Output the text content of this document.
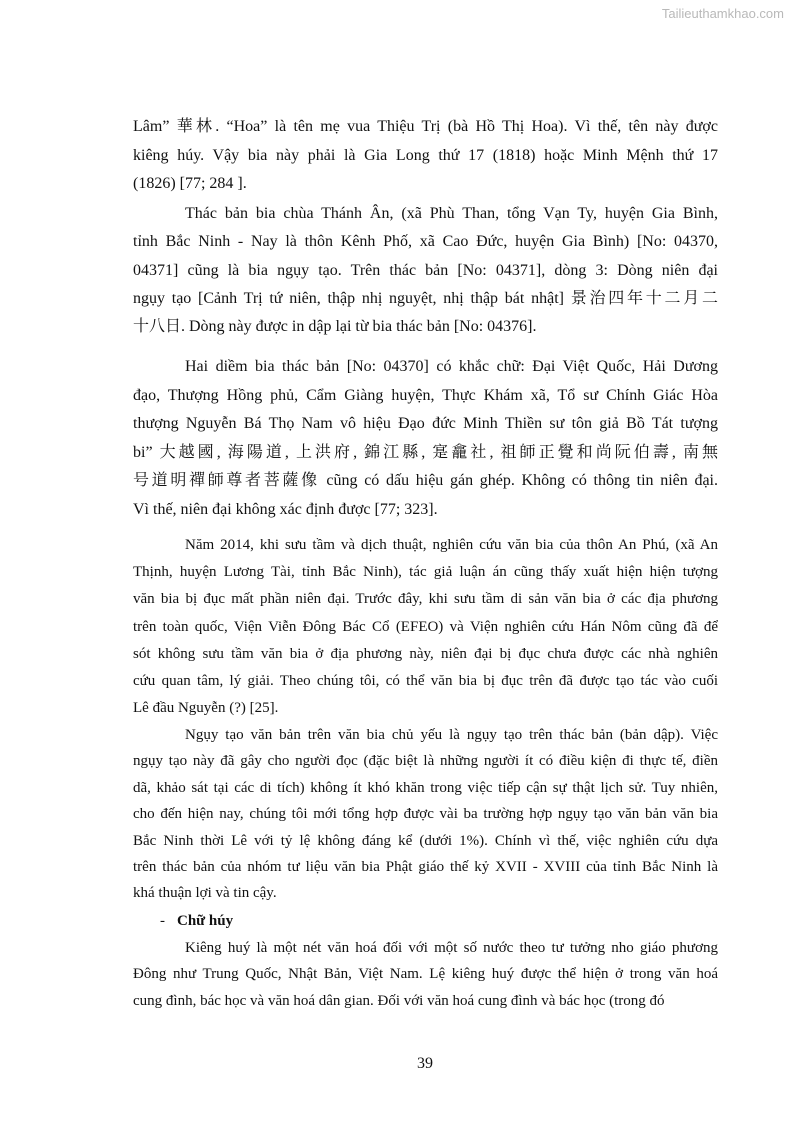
Tailieuthamkhao.com
Lâm” 華林. “Hoa” là tên mẹ vua Thiệu Trị (bà Hồ Thị Hoa). Vì thế, tên này được
kiêng húy. Vậy bia này phải là Gia Long thứ 17 (1818) hoặc Minh Mệnh thứ 17
(1826) [77; 284 ].
Thác bản bia chùa Thánh Ân, (xã Phù Than, tổng Vạn Ty, huyện Gia Bình,
tỉnh Bắc Ninh - Nay là thôn Kênh Phố, xã Cao Đức, huyện Gia Bình) [No: 04370,
04371] cũng là bia ngụy tạo. Trên thác bản [No: 04371], dòng 3: Dòng niên đại
ngụy tạo [Cảnh Trị tứ niên, thập nhị nguyệt, nhị thập bát nhật] 景治四年十二月二
十八日. Dòng này được in dập lại từ bia thác bản [No: 04376].
Hai diềm bia thác bản [No: 04370] có khắc chữ: Đại Việt Quốc, Hải Dương
đạo, Thượng Hồng phủ, Cẩm Giàng huyện, Thực Khám xã, Tổ sư Chính Giác Hòa
thượng Nguyễn Bá Thọ Nam vô hiệu Đạo đức Minh Thiền sư tôn giả Bồ Tát tượng
bi” 大越國, 海陽道, 上洪府, 錦江縣, 寔龕社, 祖師正覺和尚阮伯壽, 南無
号道明禪師尊者菩薩像 cũng có dấu hiệu gán ghép. Không có thông tin niên đại.
Vì thế, niên đại không xác định được [77; 323].
Năm 2014, khi sưu tầm và dịch thuật, nghiên cứu văn bia của thôn An Phú, (xã An
Thịnh, huyện Lương Tài, tỉnh Bắc Ninh), tác giả luận án cũng thấy xuất hiện hiện tượng
văn bia bị đục mất phần niên đại. Trước đây, khi sưu tầm di sản văn bia ở các địa phương
trên toàn quốc, Viện Viễn Đông Bác Cổ (EFEO) và Viện nghiên cứu Hán Nôm cũng đã để
sót không sưu tầm văn bia ở địa phương này, niên đại bị đục chưa được các nhà nghiên
cứu quan tâm, lý giải. Theo chúng tôi, có thể văn bia bị đục trên đã được tạo tác vào cuối
Lê đầu Nguyễn (?) [25].
Ngụy tạo văn bản trên văn bia chủ yếu là ngụy tạo trên thác bản (bản dập). Việc
ngụy tạo này đã gây cho người đọc (đặc biệt là những người ít có điều kiện đi thực tế, điền
dã, khảo sát tại các di tích) không ít khó khăn trong việc tiếp cận sự thật lịch sử. Tuy nhiên,
cho đến hiện nay, chúng tôi mới tổng hợp được vài ba trường hợp ngụy tạo văn bản văn bia
Bắc Ninh thời Lê với tỷ lệ không đáng kể (dưới 1%). Chính vì thế, việc nghiên cứu dựa
trên thác bản của nhóm tư liệu văn bia Phật giáo thế kỷ XVII - XVIII của tỉnh Bắc Ninh là
khá thuận lợi và tin cậy.
- Chữ húy
Kiêng huý là một nét văn hoá đối với một số nước theo tư tưởng nho giáo phương
Đông như Trung Quốc, Nhật Bản, Việt Nam. Lệ kiêng huý được thể hiện ở trong văn hoá
cung đình, bác học và văn hoá dân gian. Đối với văn hoá cung đình và bác học (trong đó
39
